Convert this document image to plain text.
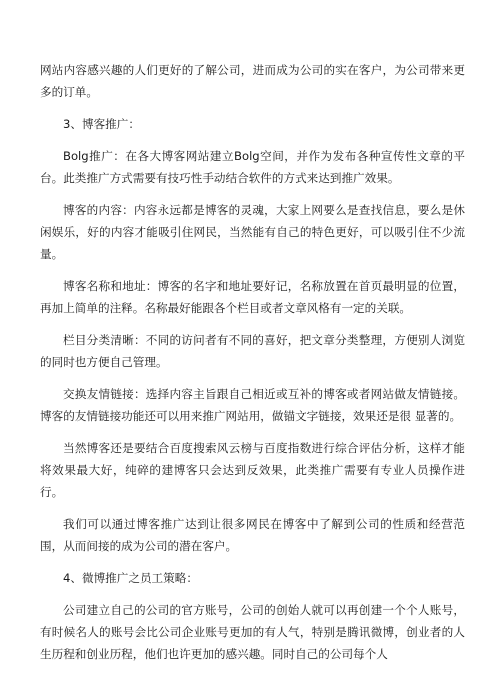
网站内容感兴趣的人们更好的了解公司，进而成为公司的实在客户，为公司带来更多的订单。

3、博客推广：

Bolg推广：在各大博客网站建立Bolg空间，并作为发布各种宣传性文章的平台。此类推广方式需要有技巧性手动结合软件的方式来达到推广效果。

博客的内容：内容永远都是博客的灵魂，大家上网要么是查找信息，要么是休闲娱乐，好的内容才能吸引住网民，当然能有自己的特色更好，可以吸引住不少流量。

博客名称和地址：博客的名字和地址要好记，名称放置在首页最明显的位置，再加上简单的注释。名称最好能跟各个栏目或者文章风格有一定的关联。

栏目分类清晰：不同的访问者有不同的喜好，把文章分类整理，方便别人浏览的同时也方便自己管理。

交换友情链接：选择内容主旨跟自己相近或互补的博客或者网站做友情链接。博客的友情链接功能还可以用来推广网站用，做锚文字链接，效果还是很 显著的。

当然博客还是要结合百度搜索风云榜与百度指数进行综合评估分析，这样才能将效果最大好，纯碎的建博客只会达到反效果，此类推广需要有专业人员操作进行。

我们可以通过博客推广达到让很多网民在博客中了解到公司的性质和经营范围，从而间接的成为公司的潜在客户。

4、微博推广之员工策略：

公司建立自己的公司的官方账号，公司的创始人就可以再创建一个个人账号，有时候名人的账号会比公司企业账号更加的有人气，特别是腾讯微博，创业者的人生历程和创业历程，他们也许更加的感兴趣。同时自己的公司每个人
